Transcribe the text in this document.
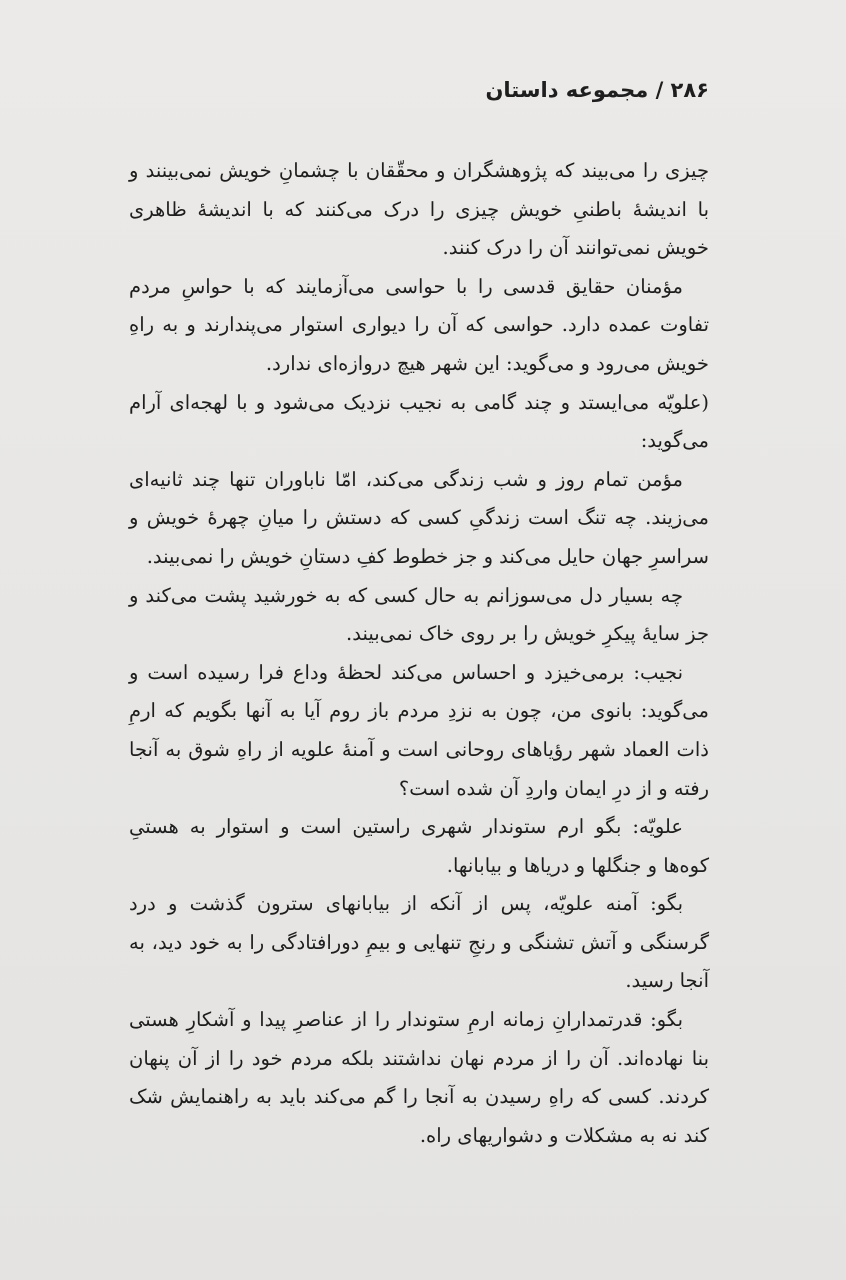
۲۸۶ / مجموعه داستان

چیزی را می‌بیند که پژوهشگران و محقّقان با چشمانِ خویش نمی‌بینند و با اندیشهٔ باطنیِ خویش چیزی را درک می‌کنند که با اندیشهٔ ظاهری خویش نمی‌توانند آن را درک کنند.

مؤمنان حقایق قدسی را با حواسی می‌آزمایند که با حواسِ مردم تفاوت عمده دارد. حواسی که آن را دیواری استوار می‌پندارند و به راهِ خویش می‌رود و می‌گوید: این شهر هیچ دروازه‌ای ندارد.

(علویّه می‌ایستد و چند گامی به نجیب نزدیک می‌شود و با لهجه‌ای آرام می‌گوید:

مؤمن تمام روز و شب زندگی می‌کند، امّا ناباوران تنها چند ثانیه‌ای می‌زیند. چه تنگ است زندگیِ کسی که دستش را میانِ چهرهٔ خویش و سراسرِ جهان حایل می‌کند و جز خطوط کفِ دستانِ خویش را نمی‌بیند.

چه بسیار دل می‌سوزانم به حال کسی که به خورشید پشت می‌کند و جز سایهٔ پیکرِ خویش را بر روی خاک نمی‌بیند.

نجیب: برمی‌خیزد و احساس می‌کند لحظهٔ وداع فرا رسیده است و می‌گوید: بانوی من، چون به نزدِ مردم باز روم آیا به آنها بگویم که ارمِ ذات العماد شهر رؤیاهای روحانی است و آمنهٔ علویه از راهِ شوق به آنجا رفته و از درِ ایمان واردِ آن شده است؟

علویّه: بگو ارم ستوندار شهری راستین است و استوار به هستیِ کوه‌ها و جنگلها و دریاها و بیابانها.

بگو: آمنه علویّه، پس از آنکه از بیابانهای سترون گذشت و درد گرسنگی و آتش تشنگی و رنجِ تنهایی و بیمِ دورافتادگی را به خود دید، به آنجا رسید.

بگو: قدرتمدارانِ زمانه ارمِ ستوندار را از عناصرِ پیدا و آشکارِ هستی بنا نهاده‌اند. آن را از مردم نهان نداشتند بلکه مردم خود را از آن پنهان کردند. کسی که راهِ رسیدن به آنجا را گم می‌کند باید به راهنمایش شک کند نه به مشکلات و دشواریهای راه.
